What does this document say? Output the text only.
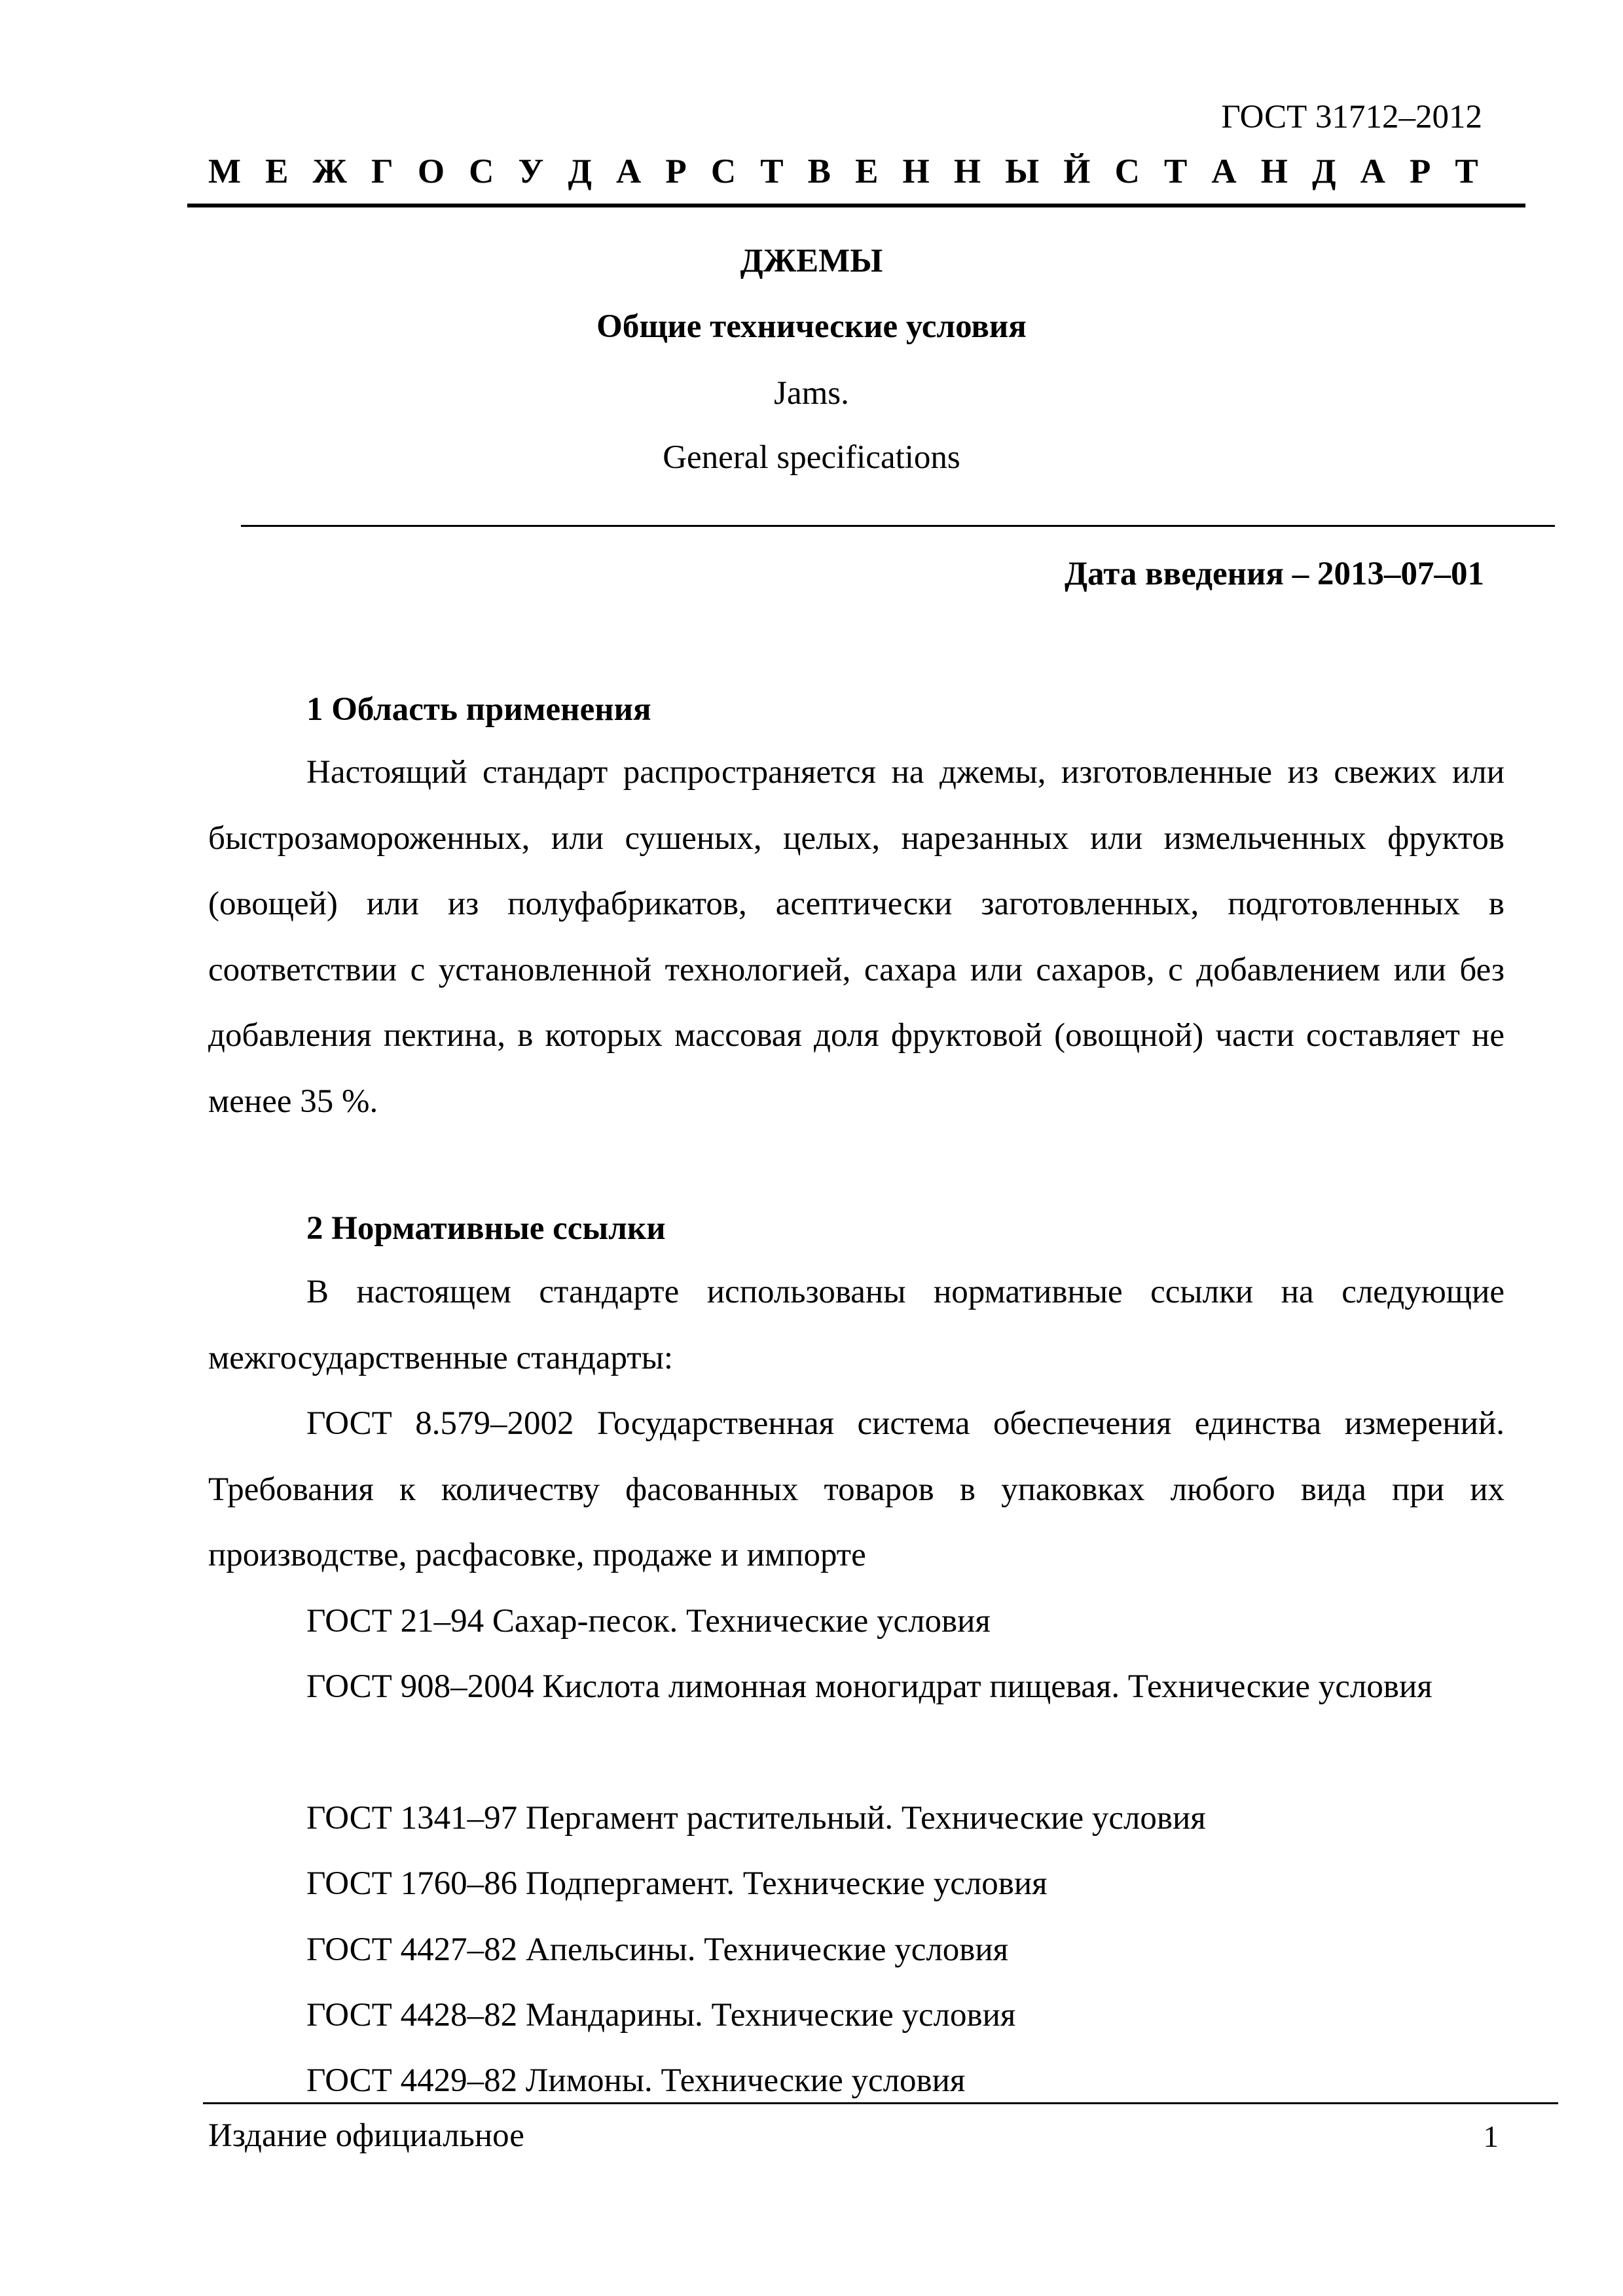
ГОСТ 31712–2012
М Е Ж Г О С У Д А Р С Т В Е Н Н Ы Й С Т А Н Д А Р Т
ДЖЕМЫ
Общие технические условия
Jams.
General specifications
Дата введения – 2013–07–01
1 Область применения

Настоящий стандарт распространяется на джемы, изготовленные из свежих или быстрозамороженных, или сушеных, целых, нарезанных или измельченных фруктов (овощей) или из полуфабрикатов, асептически заготовленных, подготовленных в соответствии с установленной технологией, сахара или сахаров, с добавлением или без добавления пектина, в которых массовая доля фруктовой (овощной) части составляет не менее 35 %.

2 Нормативные ссылки

В настоящем стандарте использованы нормативные ссылки на следующие межгосударственные стандарты:

ГОСТ 8.579–2002 Государственная система обеспечения единства измерений. Требования к количеству фасованных товаров в упаковках любого вида при их производстве, расфасовке, продаже и импорте

ГОСТ 21–94 Сахар-песок. Технические условия

ГОСТ 908–2004 Кислота лимонная моногидрат пищевая. Технические условия

ГОСТ 1341–97 Пергамент растительный. Технические условия

ГОСТ 1760–86 Подпергамент. Технические условия

ГОСТ 4427–82 Апельсины. Технические условия

ГОСТ 4428–82 Мандарины. Технические условия

ГОСТ 4429–82 Лимоны. Технические условия

Издание официальное	1
